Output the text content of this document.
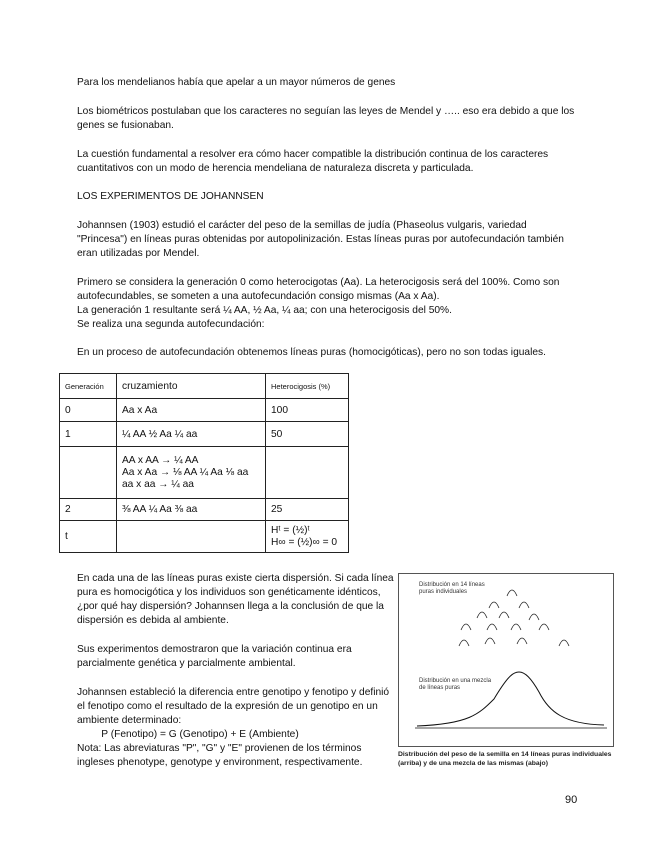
Para los mendelianos había que apelar a un mayor números de genes

Los biométricos postulaban que los caracteres no seguían las leyes de Mendel y ….. eso era debido a que los genes se fusionaban.

La cuestión fundamental a resolver era cómo hacer compatible la distribución continua de los caracteres cuantitativos con un modo de herencia mendeliana de naturaleza discreta y particulada.

LOS EXPERIMENTOS DE JOHANNSEN

Johannsen (1903) estudió el carácter del peso de la semillas de judía (Phaseolus vulgaris, variedad "Princesa") en líneas puras obtenidas por autopolinización. Estas líneas puras por autofecundación también eran utilizadas por Mendel.

Primero se considera la generación 0 como heterocigotas (Aa). La heterocigosis será del 100%. Como son autofecundables, se someten a una autofecundación consigo mismas (Aa x Aa).

La generación 1 resultante será ¼ AA, ½ Aa, ¼ aa; con una heterocigosis del 50%.

Se realiza una segunda autofecundación:

En un proceso de autofecundación obtenemos líneas puras (homocigóticas), pero no son todas iguales.

Generación	cruzamiento	Heterocigosis (%)
0	Aa x Aa	100
1	¼ AA ½ Aa ¼ aa	50

	AA x AA → ¼ AA
Aa x Aa → ⅛ AA ¼ Aa ⅛ aa
aa x aa → ¼ aa	

2	⅜ AA ¼ Aa ⅜ aa	25
t		Hᵗ = (½)ᵗ
H∞ = (½)∞ = 0

En cada una de las líneas puras existe cierta dispersión. Si cada línea pura es homocigótica y los individuos son genéticamente idénticos, ¿por qué hay dispersión? Johannsen llega a la conclusión de que la dispersión es debida al ambiente.

Sus experimentos demostraron que la variación continua era parcialmente genética y parcialmente ambiental.

Johannsen estableció la diferencia entre genotipo y fenotipo y definió el fenotipo como el resultado de la expresión de un genotipo en un ambiente determinado:

P (Fenotipo) = G (Genotipo) + E (Ambiente)

Nota: Las abreviaturas "P", "G" y "E" provienen de los términos ingleses phenotype, genotype y environment, respectivamente.

Distribución en 14 líneas puras individuales

Distribución en una mezcla de líneas puras

Distribución del peso de la semilla en 14 líneas puras individuales (arriba) y de una mezcla de las mismas (abajo)

90
